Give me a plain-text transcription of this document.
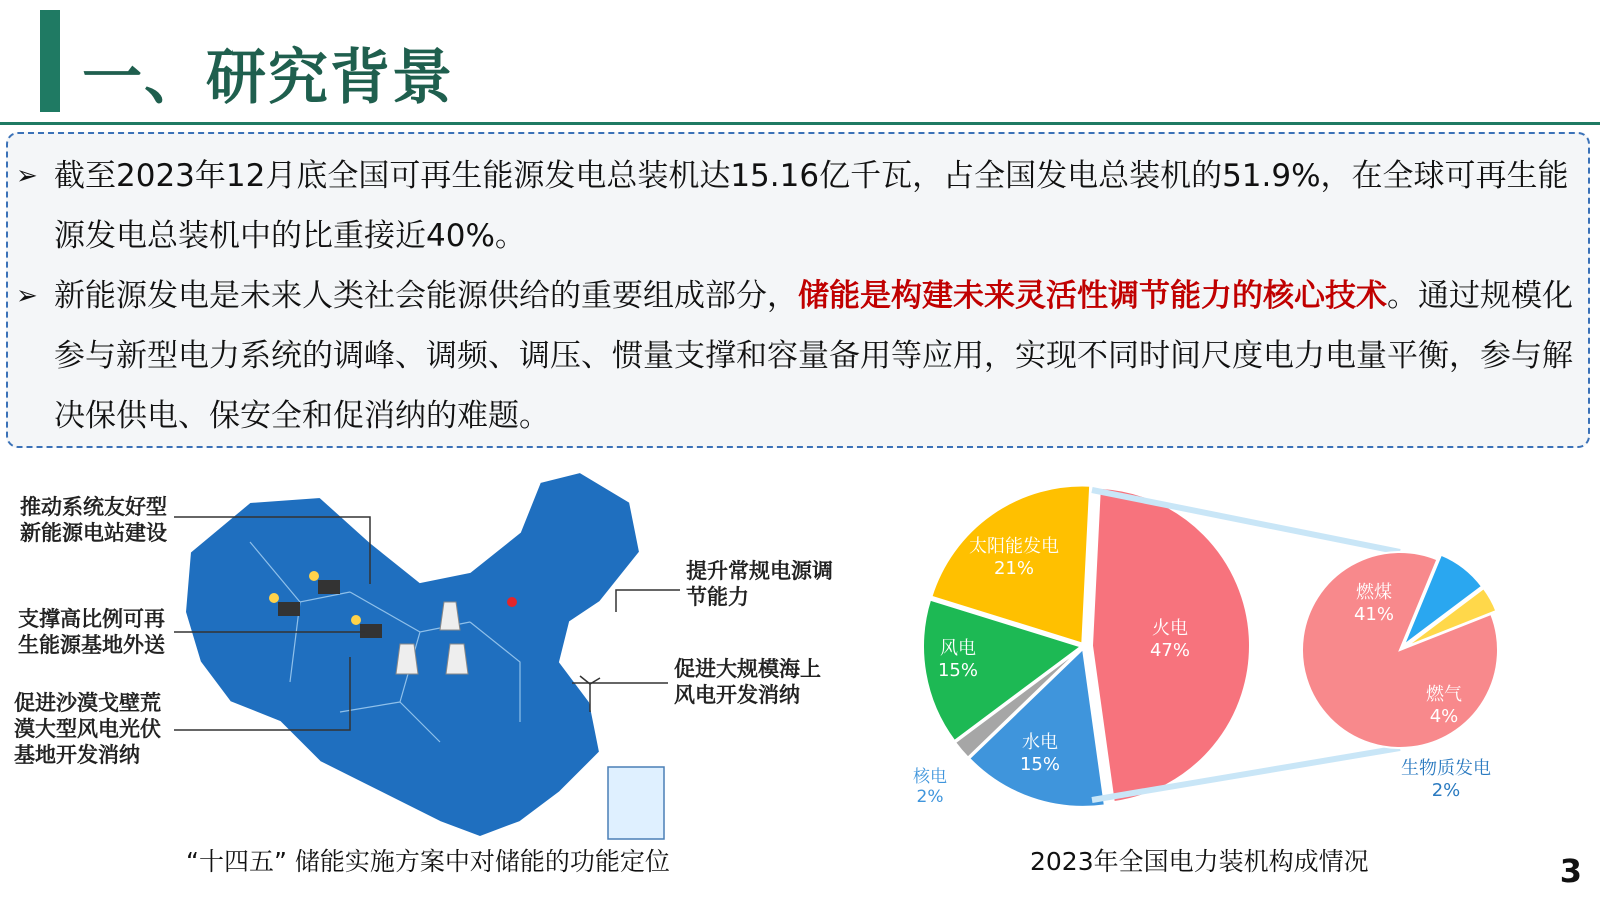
一、研究背景
➢ 截至2023年12月底全国可再生能源发电总装机达15.16亿千瓦，占全国发电总装机的51.9%，在全球可再生能源发电总装机中的比重接近40%。
➢ 新能源发电是未来人类社会能源供给的重要组成部分，储能是构建未来灵活性调节能力的核心技术。通过规模化参与新型电力系统的调峰、调频、调压、惯量支撑和容量备用等应用，实现不同时间尺度电力电量平衡，参与解决保供电、保安全和促消纳的难题。
推动系统友好型
新能源电站建设
支撑高比例可再
生能源基地外送
促进沙漠戈壁荒
漠大型风电光伏
基地开发消纳
提升常规电源调
节能力
促进大规模海上
风电开发消纳
“十四五” 储能实施方案中对储能的功能定位
火电
47%
水电
15%
核电
2%
风电
15%
太阳能发电
21%
燃煤
41%
燃气
4%
生物质发电
2%
2023年全国电力装机构成情况	3
